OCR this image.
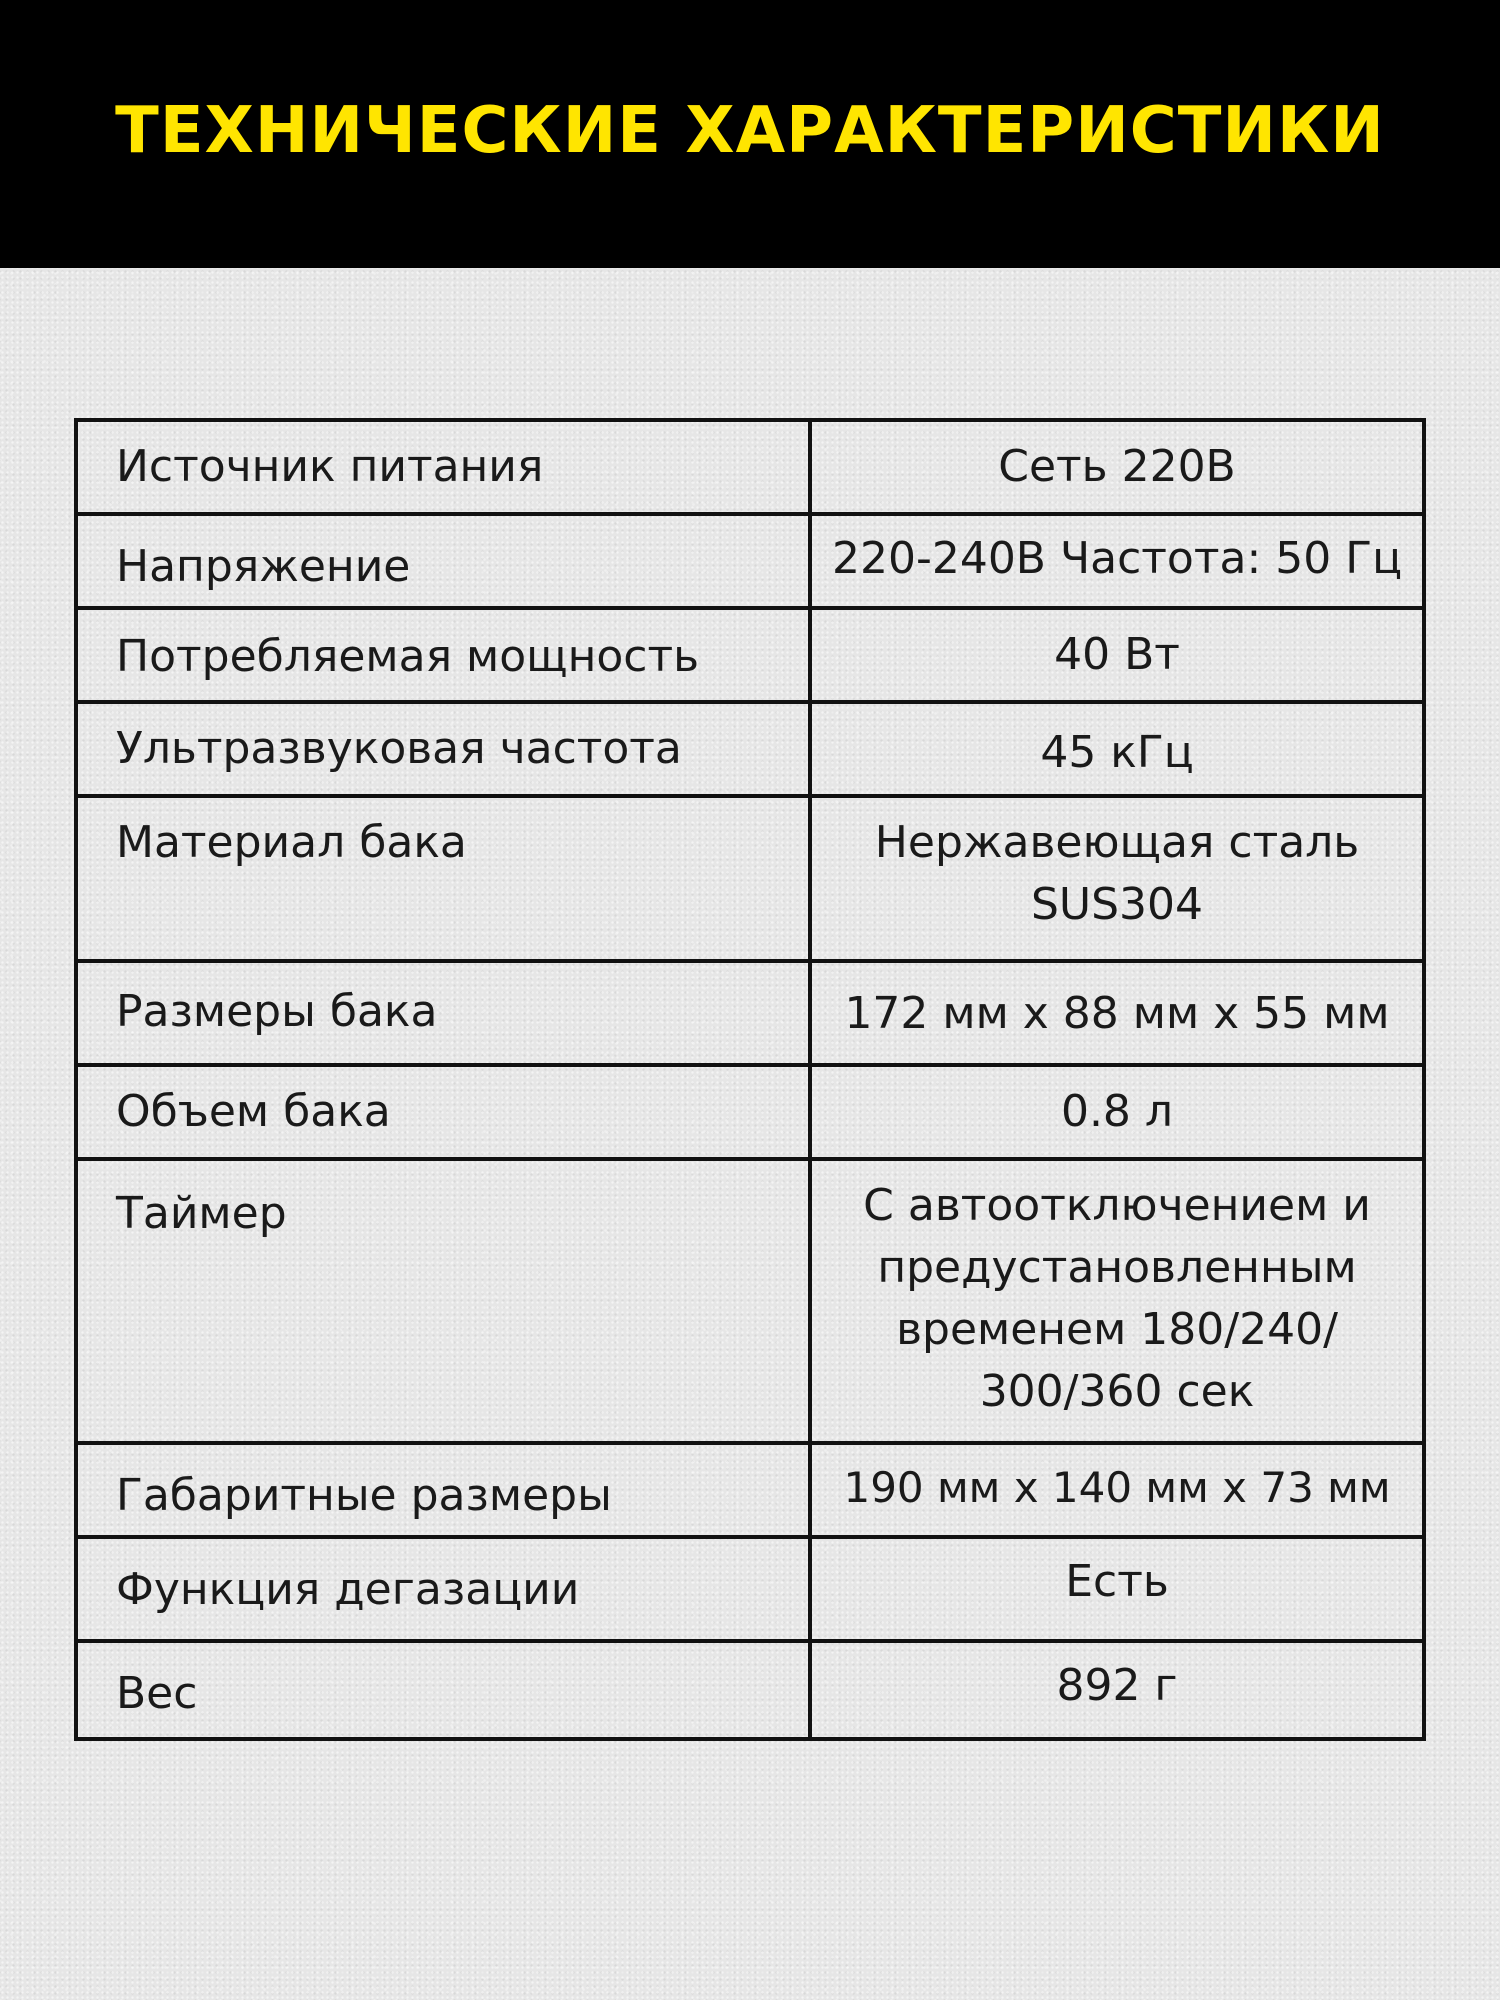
ТЕХНИЧЕСКИЕ ХАРАКТЕРИСТИКИ
Источник питания	Сеть 220В
Напряжение	220-240В Частота: 50 Гц
Потребляемая мощность	40 Вт
Ультразвуковая частота	45 кГц
Материал бака	Нержавеющая сталь SUS304

Размеры бака	172 мм х 88 мм х 55 мм
Объем бака	0.8 л
Таймер	С автоотключением и предустановленным временем 180/240/ 300/360 сек

Габаритные размеры	190 мм х 140 мм х 73 мм
Функция дегазации	Есть
Вес	892 г
